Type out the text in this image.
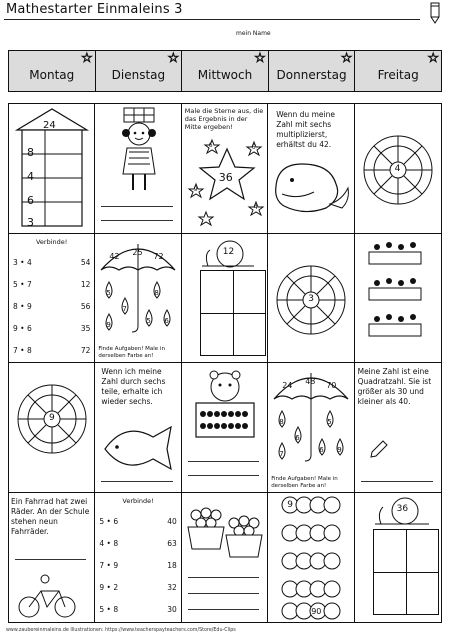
Mathestarter Einmaleins 3
mein Name
Montag
☆
Dienstag
☆
Mittwoch
☆
Donnerstag
☆
Freitag
☆
24
8
4
6
3
Male die Sterne aus, die das Ergebnis in der Mitte ergeben!
36
6	6
9
4
Wenn du meine Zahl mit sechs multiplizierst, erhältst du 42.
4
Verbinde!
3 • 4	54
5 • 7	12
8 • 9	56
9 • 6	35
7 • 8	72
42 25 72
5	8
7
9	5 6
Finde Aufgaben! Male in derselben Farbe an!
12
3
9
Wenn ich meine Zahl durch sechs teile, erhalte ich wieder sechs.
24 48 70
8	5
6
7	6 9
Finde Aufgaben! Male in derselben Farbe an!
Meine Zahl ist eine Quadratzahl. Sie ist größer als 30 und kleiner als 40.
Ein Fahrrad hat zwei Räder. An der Schule stehen neun Fahrräder.
Verbinde!
5 • 6	40
4 • 8	63
7 • 9	18
9 • 2	32
5 • 8	30
9
90
36
www.zaubereinmaleins.de Illustrationen: https://www.teacherspayteachers.com/Store/Edu-Clips
